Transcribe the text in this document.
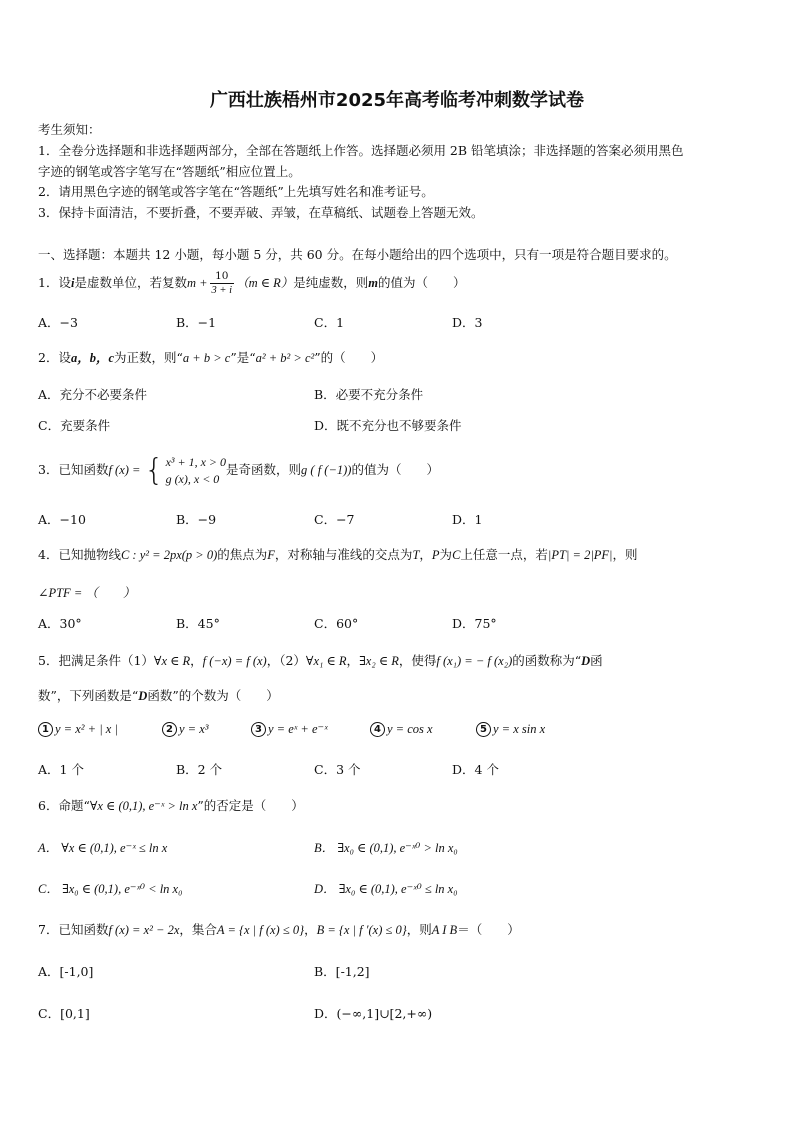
广西壮族梧州市2025年高考临考冲刺数学试卷
考生须知：
1．全卷分选择题和非选择题两部分，全部在答题纸上作答。选择题必须用 2B 铅笔填涂；非选择题的答案必须用黑色
字迹的钢笔或答字笔写在“答题纸”相应位置上。
2．请用黑色字迹的钢笔或答字笔在“答题纸”上先填写姓名和准考证号。
3．保持卡面清洁，不要折叠，不要弄破、弄皱，在草稿纸、试题卷上答题无效。
一、选择题：本题共 12 小题，每小题 5 分，共 60 分。在每小题给出的四个选项中，只有一项是符合题目要求的。
1．设i是虚数单位，若复数$m + \frac{10}{3 + i} (m$ ∈ R）是纯虚数，则m的值为（　　）
A．−3	B．−1	C．1	D．3
2．设a，b，c为正数，则“a + b > c”是“a² + b² > c²”的（　　）
A．充分不必要条件	B．必要不充分条件
C．充要条件	D．既不充分也不够要条件
3．已知函数f (x) = { x³ + 1, x > 0
g (x), x < 0
是奇函数，则g ( f (−1))的值为（　　）
A．−10	B．−9	C．−7	D．1
4．已知抛物线C : y² = 2px(p > 0)的焦点为F，对称轴与准线的交点为T，P为C上任意一点，若|PT| = 2|PF|，则
∠PTF = （　　）
A．30°	B．45°	C．60°	D．75°
5．把满足条件（1）∀x ∈ R，f (−x) = f (x)，（2）∀x₁ ∈ R，∃x₂ ∈ R，使得f (x₁) = − f (x₂)的函数称为“D函
数”，下列函数是“D函数”的个数为（　　）
1 y = x² + | x |	2 y = x³	3 y = eˣ + e⁻ˣ	4 y = cos x	5 y = x sin x
A．1 个	B．2 个	C．3 个	D．4 个
6．命题“∀x ∈ (0,1), e⁻ˣ > ln x”的否定是（　　）
A． ∀x ∈ (0,1), e⁻ˣ ≤ ln x	B． ∃x₀ ∈ (0,1), e⁻ˣ⁰ > ln x₀
C． ∃x₀ ∈ (0,1), e⁻ˣ⁰ < ln x₀	D． ∃x₀ ∈ (0,1), e⁻ˣ⁰ ≤ ln x₀
7．已知函数f (x) = x² − 2x，集合A = {x | f (x) ≤ 0}，B = {x | f ′(x) ≤ 0}，则A I B＝（　　）
A．[-1,0]	B．[-1,2]
C．[0,1]	D．(−∞,1]∪[2,+∞)
